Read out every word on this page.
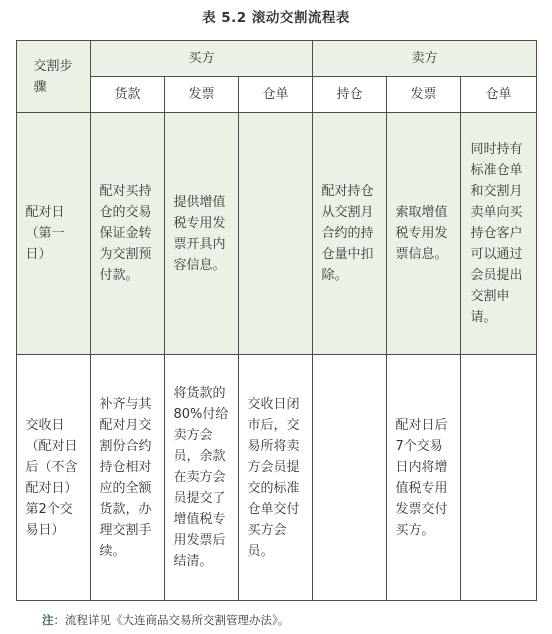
表 5.2 滚动交割流程表
交割步骤	买方			卖方		
	货款	发票	仓单	持仓	发票	仓单
配对日（第一日）	配对买持仓的交易保证金转为交割预付款。	提供增值税专用发票开具内容信息。		配对持仓从交割月合约的持仓量中扣除。	索取增值税专用发票信息。	同时持有标准仓单和交割月卖单向买持仓客户可以通过会员提出交割申请。
交收日（配对日后（不含配对日）第2个交易日）	补齐与其配对月交割份合约持仓相对应的全额货款，办理交割手续。	将货款的80%付给卖方会员，余款在卖方会员提交了增值税专用发票后结清。	交收日闭市后，交易所将卖方会员提交的标准仓单交付买方会员。		配对日后7个交易日内将增值税专用发票交付买方。	
注：流程详见《大连商品交易所交割管理办法》。
